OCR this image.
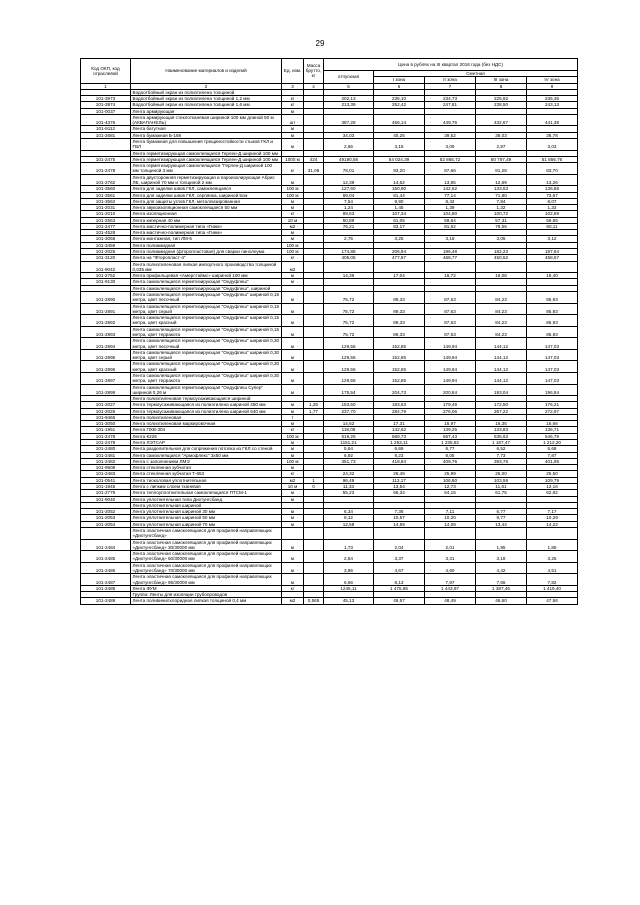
29
Код ОКП, код отраслевой	Наименование материалов и изделий	Ед. изм.	Масса брутто, кг	Цена в рублях на III квартал 2016 года (без НДС)				
				отпускная	Сметная			
					I зона	II зона	III зона	IV зона
1	2	3	4	5	6	7	8	9
	Водоотбойный экран из полиэтилена толщиной							
101-3973	Водоотбойный экран из полиэтилена толщиной 1,2 мм	кг		202,13	236,10	234,73	225,92	236,36
101-3974	Водоотбойный экран из полиэтилена толщиной 1,6 мм	кг		213,39	252,42	247,81	238,50	243,13
101-0037	Лента армирующая	м						
101-4376	Лента армирующая стеклотканевая шириной 100 мм длиной 50 м (АКВАПАНЕЛЬ)	шт		387,28	456,14	449,76	432,67	441,38
101-9112	Лента батутная	м						
101-2681	Лента бумажная Б-168	м		34,03	40,25	39,52	38,03	38,78
	Лента бумажная для повышения трещиностойкости стыков ГКЛ и ГВЛ	м		2,66	3,15	3,09	2,97	3,03
	Лента герметизирующая самоклеящаяся Герлен-Д шириной 100 мм							
101-2475	Лента герметизирующая самоклеящаяся Герлен-Д шириной 100 мм	1000 м	424	49190,56	54 024,39	52 865,72	50 797,49	51 856,76
101-2478	Лента герметизирующая самоклеящаяся "Герлен-Д шириной 100 мм толщиной 3 мм	кг	31,06	78,01	93,20	87,66	81,28	83,70
101-2762	Лента двусторонняя герметизирующая и пароизолирующая Абрис ЛБ, шириной 70 мм и толщиной 2 мм	м		12,39	14,62	13,85	12,69	13,26
101-3560	Лента для заделки швов ГКЛ, самоклеящаяся	100 м		127,60	150,90	142,62	133,53	136,86
101-3561	Лента для заделки швов ГКЛ, серпянка, шириной 5см	100 м		69,04	81,44	77,14	71,80	73,67
101-3562	Лента для защиты углов ГКЛ, металлизированная	м		7,54	8,90	8,42	7,84	8,07
101-2031	Лента звукоизоляционная самоклеящаяся 50 мм	м		1,24	1,45	1,39	1,32	1,33
101-2010	Лента изоляционная	кг		89,63	107,34	104,80	100,72	102,89
101-2553	Лента киперная 40 мм	10 м		50,89	61,05	59,64	57,31	56,55
101-2477	Лента мастично-полимерная типа «Гиим»	м2		76,21	83,17	81,62	78,56	80,11
101-4528	Лента мастично-полимерная типа «Гиим»	м						
101-3058	Лента монтажная, тип ЛМ-5	м		2,75	3,25	3,18	3,06	3,12
101-3459	Лента полиамидная	100 м						
101-2025	Лента полиамидная (фторопластовая) для сварки линолеума	100 м		174,88	206,94	196,49	182,23	187,64
101-3120	Лента на "Фторопласт-4"	кг		405,05	477,87	468,77	450,52	458,67
101-9042	Лента полиэтиленовая липкая импортного производства толщиной 0,035 мм	м2						
101-2752	Лента прифальцевая «Амерстаймс» шириной 100 мм	м		14,39	17,04	16,72	16,08	16,40
101-9130	Лента самоклеящаяся герметизирующая "Ондуфлеш"	м						
	Лента самоклеящаяся герметизирующая "Ондуфлеш", шириной							
101-2890	Лента самоклеящаяся герметизирующая "Ондуфлеш" шириной 0,15 метра, цвет песочный	м		75,72	89,33	87,63	84,23	85,93
101-2891	Лента самоклеящаяся герметизирующая "Ондуфлеш" шириной 0,15 метра, цвет серый	м		75,72	89,33	87,63	84,23	85,93
101-2892	Лента самоклеящаяся герметизирующая "Ондуфлеш" шириной 0,15 метра, цвет красный	м		75,72	89,33	87,63	84,23	85,93
101-2893	Лента самоклеящаяся герметизирующая "Ондуфлеш" шириной 0,15 метра, цвет терракота	м		75,72	89,33	87,63	84,23	85,93
101-2894	Лента самоклеящаяся герметизирующая "Ондуфлеш" шириной 0,30 метра, цвет песочный	м		129,56	152,85	149,94	144,12	147,03
101-2895	Лента самоклеящаяся герметизирующая "Ондуфлеш" шириной 0,30 метра, цвет серый	м		129,56	152,85	149,94	144,12	147,03
101-2896	Лента самоклеящаяся герметизирующая "Ондуфлеш" шириной 0,30 метра, цвет красный	м		129,56	152,85	149,94	144,12	147,03
101-2897	Лента самоклеящаяся герметизирующая "Ондуфлеш" шириной 0,30 метра, цвет терракота	м		129,56	152,85	149,94	144,12	147,03
101-2899	Лента самоклеящаяся герметизирующая "Ондуфлеш Супер" шириной 0,26 м	м		175,54	204,73	200,64	193,04	196,84
	Лента полиэтиленовая термоусаживающаяся шириной							
101-2027	Лента термоусаживающаяся из полиэтилена шириной 450 мм	м	1,25	153,50	183,63	179,49	172,50	176,21
101-2026	Лента термоусаживающаяся из полиэтилена шириной 640 мм	м	1,77	237,70	284,79	276,06	267,22	272,97
101-9466	Лента полиэтиленовая	т						
101-3050	Лента полиэтиленовая маркировочная	м		14,62	17,31	16,97	16,35	16,66
101-1951	Лента ПХВ-304	кг		118,09	142,62	139,25	133,83	136,71
101-2478	Лента К226	100 м		519,26	569,73	557,43	535,63	546,78
101-2479	Лента ЛЭТСАР	м		1151,21	1 263,11	1 235,82	1 187,47	1 212,20
101-2480	Лента разделительная для сопряжения потолка из ГКЛ со стеной	м		5,64	6,69	6,77	6,52	6,68
101-2481	Лента самоклеящаяся "Армофлекс" 3х50 мм	м		6,92	8,23	8,05	7,73	7,87
101-2482	Лента с заполнением ЛМЭ	100 м		351,73	418,84	409,76	393,76	401,95
101-9508	Лента стеклянная зубчатая	м						
101-2483	Лента стеклянная зубчатая Т-653	кг		24,32	26,49	25,99	25,00	25,50
101-0541	Лента тиоколовая уплотнительная	м2	1	96,49	113,17	106,60	103,59	109,79
101-1945	Лента с липким слоем тканевая	10 м	0	11,33	13,54	12,73	11,61	12,16
101-2779	Лента теплоуплотнительная самоклеящаяся ПТСМ-1	м		55,23	66,34	64,15	61,75	62,92
101-9040	Лента уплотнительная типа Дихтунгсбанд	м						
	Лента уплотнительная шириной							
101-2052	Лента уплотнительная шириной 30 мм	м		6,34	7,36	7,11	6,77	7,17
101-2053	Лента уплотнительная шириной 50 мм	м		9,12	10,57	10,20	9,77	10,29
101-2054	Лента уплотнительная шириной 70 мм	м		12,58	14,59	14,09	13,44	14,22
	Лента эластичная самоклеящаяся для профилей направляющих «Дихтунгсбанд»							
101-2484	Лента эластичная самоклеящаяся для профилей направляющих «Дихтунгсбанд» 30/30000 мм	м		1,73	2,04	2,01	1,95	1,85
101-2485	Лента эластичная самоклеящаяся для профилей направляющих «Дихтунгсбанд» 50/30000 мм	м		2,84	3,37	3,31	3,18	3,25
101-2486	Лента эластичная самоклеящаяся для профилей направляющих «Дихтунгсбанд» 70/30000 мм	м		3,96	4,67	4,60	4,42	4,51
101-2487	Лента эластичная самоклеящаяся для профилей направляющих «Дихтунгсбанд» 95/30000 мм	м		6,66	8,13	7,97	7,66	7,82
101-2488	Лента ФУМ	кг		1245,11	1 475,85	1 443,97	1 387,46	1 419,40
	Группа: Ленты для изоляции трубопроводов							
101-2489	Лента поливинилхлоридная липкая толщиной 0,4 мм	м2	0,565	45,13	49,57	48,49	46,60	47,56
